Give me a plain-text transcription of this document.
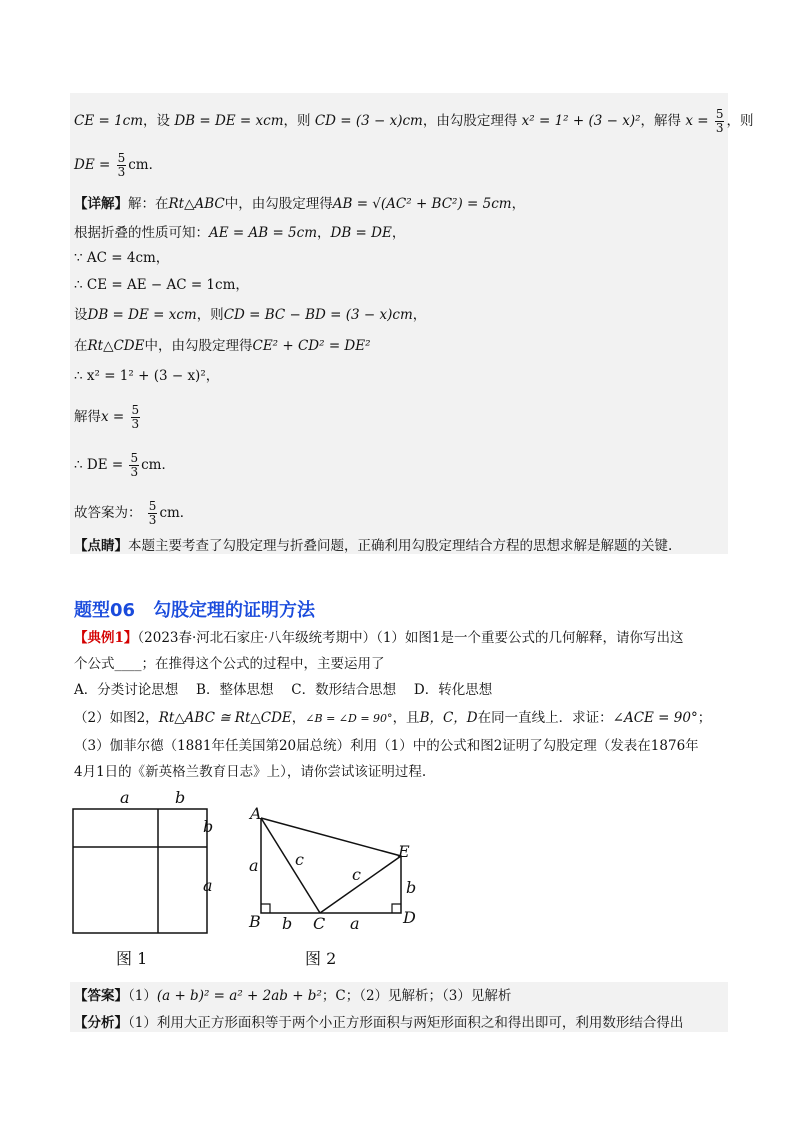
CE = 1cm，设 DB = DE = xcm，则 CD = (3 − x)cm，由勾股定理得 x² = 1² + (3 − x)²，解得 $x = \frac{5}{3}$ ，则
DE = $\frac{5}{3}$ cm．
【详解】解：在Rt△ABC中，由勾股定理得AB = √(AC² + BC²) = 5cm，
根据折叠的性质可知：AE = AB = 5cm，DB = DE，
∵ AC = 4cm，
∴ CE = AE − AC = 1cm，
设DB = DE = xcm，则CD = BC − BD = (3 − x)cm，
在Rt△CDE中，由勾股定理得CE² + CD² = DE²
∴ x² = 1² + (3 − x)²，
解得$x = \frac{5}{3}$
∴ DE = $\frac{5}{3}$ cm．
故答案为： $\frac{5}{3}$ cm．
【点睛】本题主要考查了勾股定理与折叠问题，正确利用勾股定理结合方程的思想求解是解题的关键.
题型06 勾股定理的证明方法
【典例1】（2023春·河北石家庄·八年级统考期中）（1）如图1是一个重要公式的几何解释，请你写出这
个公式____；在推得这个公式的过程中，主要运用了
A．分类讨论思想　 B．整体思想　 C．数形结合思想　 D．转化思想
（2）如图2，Rt△ABC ≅ Rt△CDE，∠B = ∠D = 90°，且B，C，D在同一直线上．求证：∠ACE = 90°；
（3）伽菲尔德（1881年任美国第20届总统）利用（1）中的公式和图2证明了勾股定理（发表在1876年
4月1日的《新英格兰教育日志》上），请你尝试该证明过程.
a	b
b
a
图 1
A
B	C	D
E
a
b	a
b
c
c
图 2
【答案】（1）(a + b)² = a² + 2ab + b²；C；（2）见解析；（3）见解析
【分析】（1）利用大正方形面积等于两个小正方形面积与两矩形面积之和得出即可，利用数形结合得出
